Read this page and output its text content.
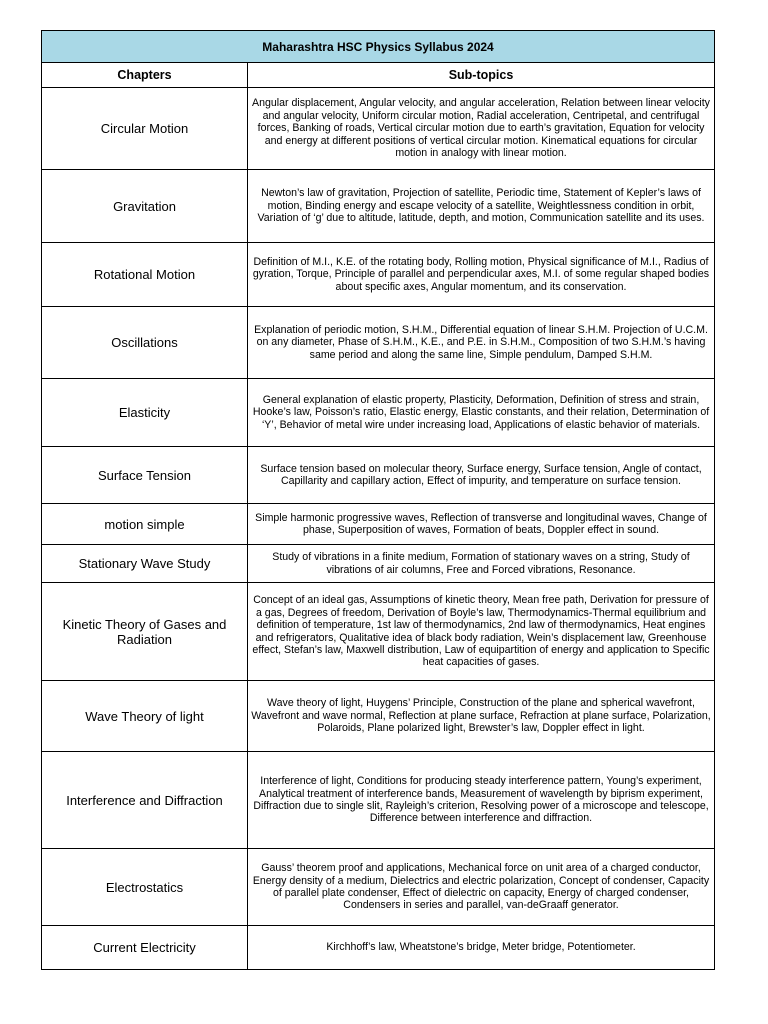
Maharashtra HSC Physics Syllabus 2024	
Chapters	Sub-topics
Circular Motion	Angular displacement, Angular velocity, and angular acceleration, Relation between linear velocity and angular velocity, Uniform circular motion, Radial acceleration, Centripetal, and centrifugal forces, Banking of roads, Vertical circular motion due to earth’s gravitation, Equation for velocity and energy at different positions of vertical circular motion. Kinematical equations for circular motion in analogy with linear motion.
Gravitation	Newton’s law of gravitation, Projection of satellite, Periodic time, Statement of Kepler’s laws of motion, Binding energy and escape velocity of a satellite, Weightlessness condition in orbit, Variation of ‘g’ due to altitude, latitude, depth, and motion, Communication satellite and its uses.
Rotational Motion	Definition of M.I., K.E. of the rotating body, Rolling motion, Physical significance of M.I., Radius of gyration, Torque, Principle of parallel and perpendicular axes, M.I. of some regular shaped bodies about specific axes, Angular momentum, and its conservation.
Oscillations	Explanation of periodic motion, S.H.M., Differential equation of linear S.H.M. Projection of U.C.M. on any diameter, Phase of S.H.M., K.E., and P.E. in S.H.M., Composition of two S.H.M.’s having same period and along the same line, Simple pendulum, Damped S.H.M.
Elasticity	General explanation of elastic property, Plasticity, Deformation, Definition of stress and strain, Hooke’s law, Poisson’s ratio, Elastic energy, Elastic constants, and their relation, Determination of ‘Y’, Behavior of metal wire under increasing load, Applications of elastic behavior of materials.
Surface Tension	Surface tension based on molecular theory, Surface energy, Surface tension, Angle of contact, Capillarity and capillary action, Effect of impurity, and temperature on surface tension.
motion simple	Simple harmonic progressive waves, Reflection of transverse and longitudinal waves, Change of phase, Superposition of waves, Formation of beats, Doppler effect in sound.
Stationary Wave Study	Study of vibrations in a finite medium, Formation of stationary waves on a string, Study of vibrations of air columns, Free and Forced vibrations, Resonance.
Kinetic Theory of Gases and Radiation	Concept of an ideal gas, Assumptions of kinetic theory, Mean free path, Derivation for pressure of a gas, Degrees of freedom, Derivation of Boyle’s law, Thermodynamics-Thermal equilibrium and definition of temperature, 1st law of thermodynamics, 2nd law of thermodynamics, Heat engines and refrigerators, Qualitative idea of black body radiation, Wein’s displacement law, Greenhouse effect, Stefan’s law, Maxwell distribution, Law of equipartition of energy and application to Specific heat capacities of gases.
Wave Theory of light	Wave theory of light, Huygens’ Principle, Construction of the plane and spherical wavefront, Wavefront and wave normal, Reflection at plane surface, Refraction at plane surface, Polarization, Polaroids, Plane polarized light, Brewster’s law, Doppler effect in light.
Interference and Diffraction	Interference of light, Conditions for producing steady interference pattern, Young’s experiment, Analytical treatment of interference bands, Measurement of wavelength by biprism experiment, Diffraction due to single slit, Rayleigh’s criterion, Resolving power of a microscope and telescope, Difference between interference and diffraction.
Electrostatics	Gauss’ theorem proof and applications, Mechanical force on unit area of a charged conductor, Energy density of a medium, Dielectrics and electric polarization, Concept of condenser, Capacity of parallel plate condenser, Effect of dielectric on capacity, Energy of charged condenser, Condensers in series and parallel, van-deGraaff generator.
Current Electricity	Kirchhoff’s law, Wheatstone’s bridge, Meter bridge, Potentiometer.
